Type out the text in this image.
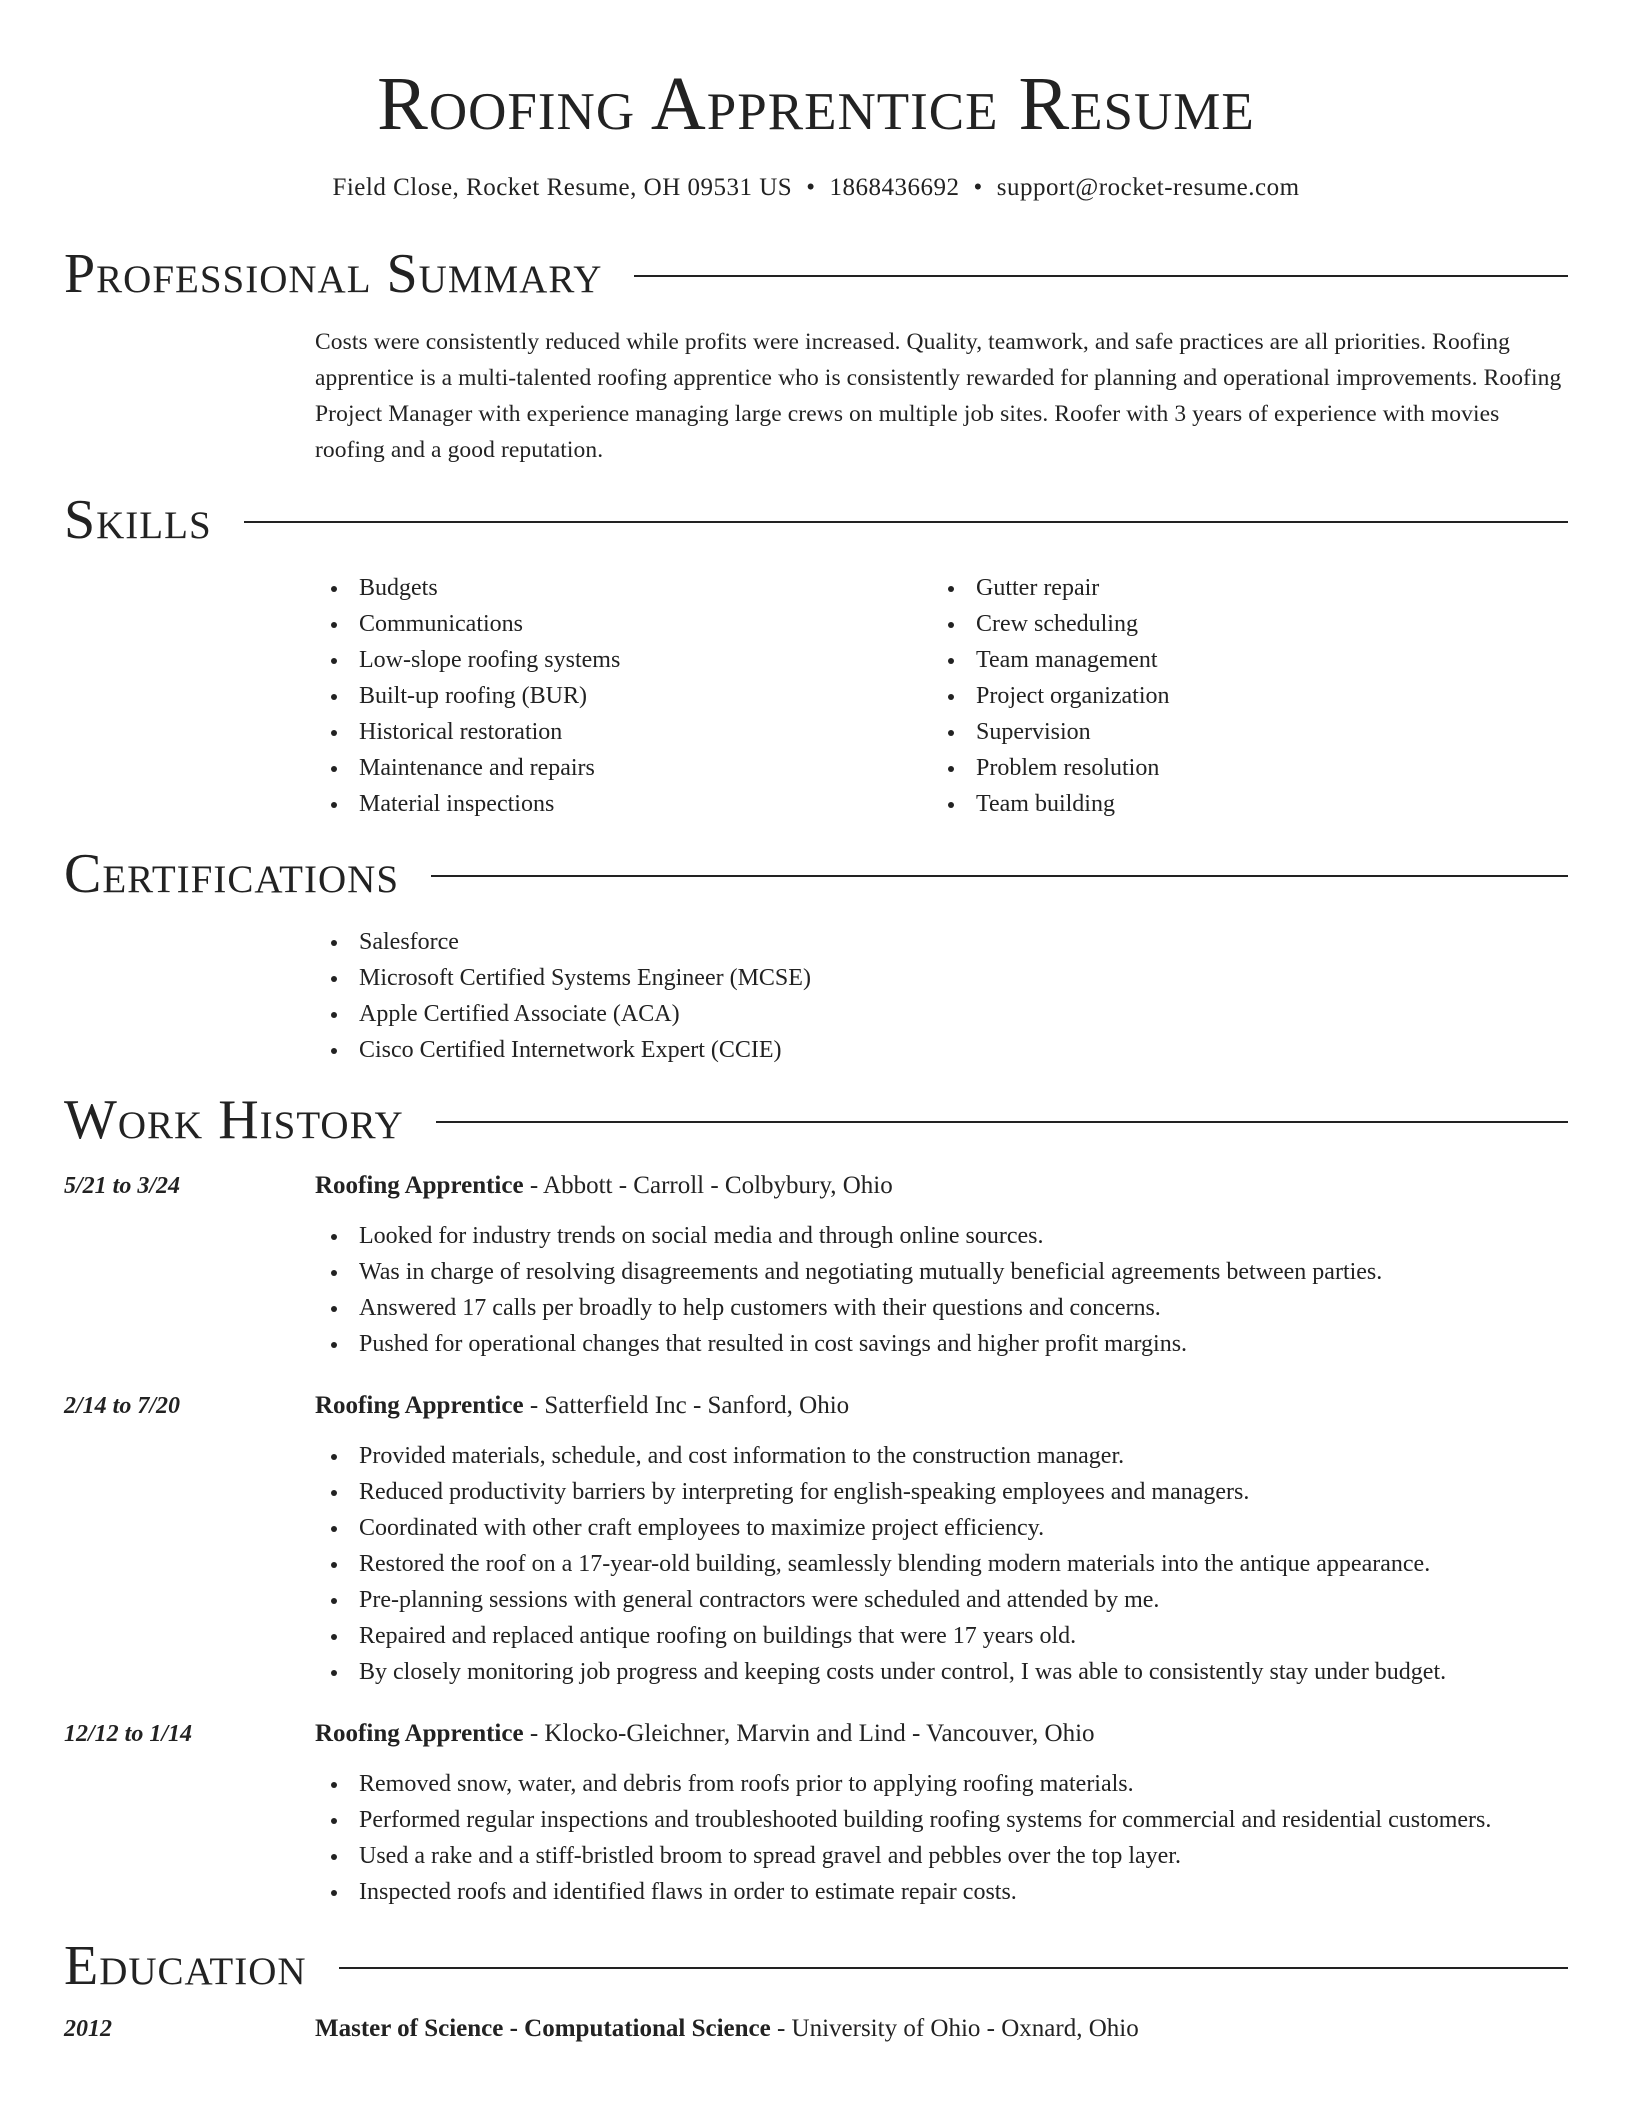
Roofing Apprentice Resume
Field Close, Rocket Resume, OH 09531 US • 1868436692 • support@rocket-resume.com
Professional Summary

Costs were consistently reduced while profits were increased. Quality, teamwork, and safe practices are all priorities. Roofing apprentice is a multi-talented roofing apprentice who is consistently rewarded for planning and operational improvements. Roofing Project Manager with experience managing large crews on multiple job sites. Roofer with 3 years of experience with movies roofing and a good reputation.

Skills
Budgets
Communications
Low-slope roofing systems
Built-up roofing (BUR)
Historical restoration
Maintenance and repairs
Material inspections
Gutter repair
Crew scheduling
Team management
Project organization
Supervision
Problem resolution
Team building
Certifications
Salesforce
Microsoft Certified Systems Engineer (MCSE)
Apple Certified Associate (ACA)
Cisco Certified Internetwork Expert (CCIE)
Work History
5/21 to 3/24	Roofing Apprentice - Abbott - Carroll - Colbybury, Ohio
Looked for industry trends on social media and through online sources.
Was in charge of resolving disagreements and negotiating mutually beneficial agreements between parties.
Answered 17 calls per broadly to help customers with their questions and concerns.
Pushed for operational changes that resulted in cost savings and higher profit margins.
2/14 to 7/20	Roofing Apprentice - Satterfield Inc - Sanford, Ohio
Provided materials, schedule, and cost information to the construction manager.
Reduced productivity barriers by interpreting for english-speaking employees and managers.
Coordinated with other craft employees to maximize project efficiency.
Restored the roof on a 17-year-old building, seamlessly blending modern materials into the antique appearance.
Pre-planning sessions with general contractors were scheduled and attended by me.
Repaired and replaced antique roofing on buildings that were 17 years old.
By closely monitoring job progress and keeping costs under control, I was able to consistently stay under budget.
12/12 to 1/14	Roofing Apprentice - Klocko-Gleichner, Marvin and Lind - Vancouver, Ohio
Removed snow, water, and debris from roofs prior to applying roofing materials.
Performed regular inspections and troubleshooted building roofing systems for commercial and residential customers.
Used a rake and a stiff-bristled broom to spread gravel and pebbles over the top layer.
Inspected roofs and identified flaws in order to estimate repair costs.
Education
2012	Master of Science - Computational Science - University of Ohio - Oxnard, Ohio
